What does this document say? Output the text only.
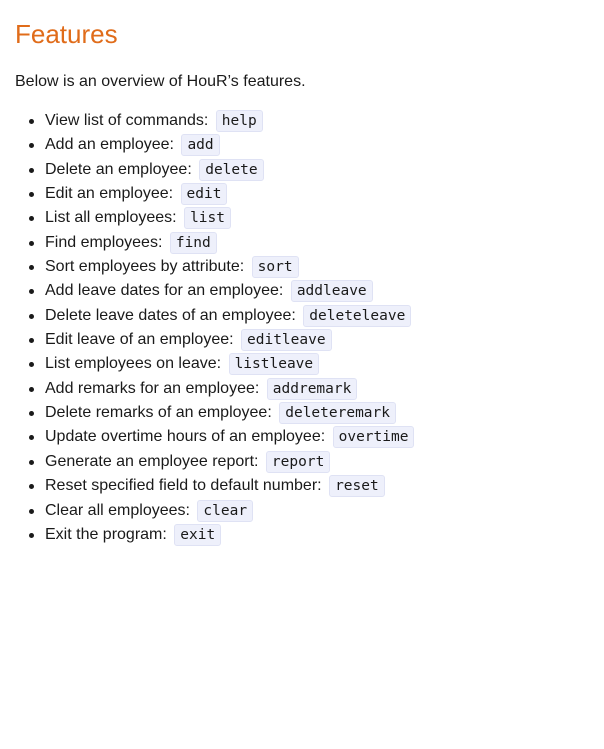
Features

Below is an overview of HouR’s features.

View list of commands: help
Add an employee: add
Delete an employee: delete
Edit an employee: edit
List all employees: list
Find employees: find
Sort employees by attribute: sort
Add leave dates for an employee: addleave
Delete leave dates of an employee: deleteleave
Edit leave of an employee: editleave
List employees on leave: listleave
Add remarks for an employee: addremark
Delete remarks of an employee: deleteremark
Update overtime hours of an employee: overtime
Generate an employee report: report
Reset specified field to default number: reset
Clear all employees: clear
Exit the program: exit
